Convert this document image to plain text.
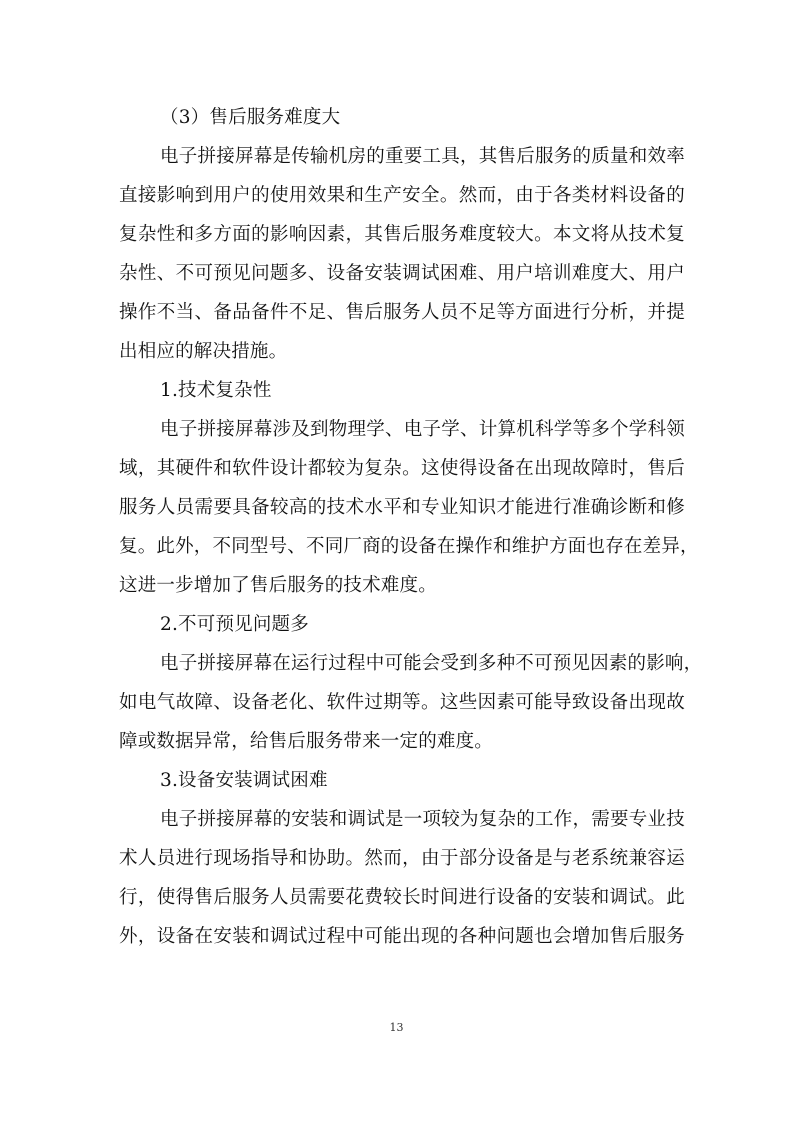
（3）售后服务难度大
电子拼接屏幕是传输机房的重要工具，其售后服务的质量和效率
直接影响到用户的使用效果和生产安全。然而，由于各类材料设备的
复杂性和多方面的影响因素，其售后服务难度较大。本文将从技术复
杂性、不可预见问题多、设备安装调试困难、用户培训难度大、用户
操作不当、备品备件不足、售后服务人员不足等方面进行分析，并提
出相应的解决措施。
1.技术复杂性
电子拼接屏幕涉及到物理学、电子学、计算机科学等多个学科领
域，其硬件和软件设计都较为复杂。这使得设备在出现故障时，售后
服务人员需要具备较高的技术水平和专业知识才能进行准确诊断和修
复。此外，不同型号、不同厂商的设备在操作和维护方面也存在差异，
这进一步增加了售后服务的技术难度。
2.不可预见问题多
电子拼接屏幕在运行过程中可能会受到多种不可预见因素的影响，
如电气故障、设备老化、软件过期等。这些因素可能导致设备出现故
障或数据异常，给售后服务带来一定的难度。
3.设备安装调试困难
电子拼接屏幕的安装和调试是一项较为复杂的工作，需要专业技
术人员进行现场指导和协助。然而，由于部分设备是与老系统兼容运
行，使得售后服务人员需要花费较长时间进行设备的安装和调试。此
外，设备在安装和调试过程中可能出现的各种问题也会增加售后服务
13
